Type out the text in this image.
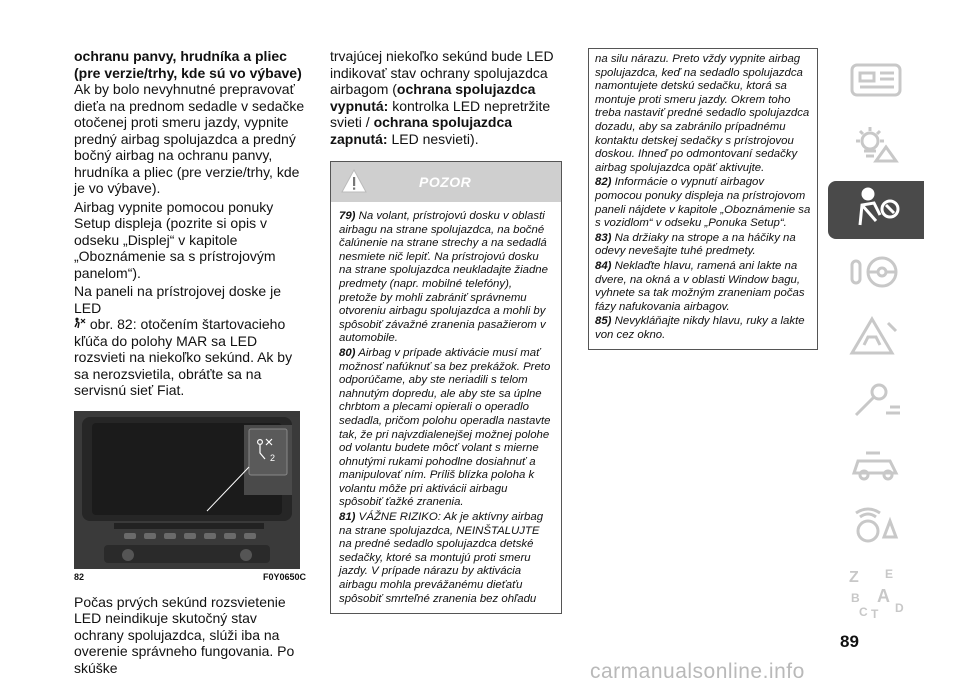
ochranu panvy, hrudníka a pliec

(pre verzie/trhy, kde sú vo výbave)

Ak by bolo nevyhnutné prepravovať dieťa na prednom sedadle v sedačke otočenej proti smeru jazdy, vypnite predný airbag spolujazdca a predný bočný airbag na ochranu panvy, hrudníka a pliec (pre verzie/trhy, kde je vo výbave).

Airbag vypnite pomocou ponuky Setup displeja (pozrite si opis v odseku „Displej“ v kapitole „Oboznámenie sa s prístrojovým panelom“).

Na paneli na prístrojovej doske je LED
obr. 82: otočením štartovacieho kľúča do polohy MAR sa LED rozsvieti na niekoľko sekúnd. Ak by sa nerozsvietila, obráťte sa na servisnú sieť Fiat.

2
82	F0Y0650C

Počas prvých sekúnd rozsvietenie LED neindikuje skutočný stav ochrany spolujazdca, slúži iba na overenie správneho fungovania. Po skúške

trvajúcej niekoľko sekúnd bude LED indikovať stav ochrany spolujazdca airbagom (ochrana spolujazdca vypnutá: kontrolka LED nepretržite svieti / ochrana spolujazdca zapnutá: LED nesvieti).

POZOR

79) Na volant, prístrojovú dosku v oblasti airbagu na strane spolujazdca, na bočné čalúnenie na strane strechy a na sedadlá nesmiete nič lepiť. Na prístrojovú dosku na strane spolujazdca neukladajte žiadne predmety (napr. mobilné telefóny), pretože by mohli zabrániť správnemu otvoreniu airbagu spolujazdca a mohli by spôsobiť závažné zranenia pasažierom v automobile.

80) Airbag v prípade aktivácie musí mať možnosť nafúknuť sa bez prekážok. Preto odporúčame, aby ste neriadili s telom nahnutým dopredu, ale aby ste sa úplne chrbtom a plecami opierali o operadlo sedadla, pričom polohu operadla nastavte tak, že pri najvzdialenejšej možnej polohe od volantu budete môcť volant s mierne ohnutými rukami pohodlne dosiahnuť a manipulovať ním. Príliš blízka poloha k volantu môže pri aktivácii airbagu spôsobiť ťažké zranenia.

81) VÁŽNE RIZIKO: Ak je aktívny airbag na strane spolujazdca, NEINŠTALUJTE na predné sedadlo spolujazdca detské sedačky, ktoré sa montujú proti smeru jazdy. V prípade nárazu by aktivácia airbagu mohla prevážanému dieťaťu spôsobiť smrteľné zranenia bez ohľadu

na silu nárazu. Preto vždy vypnite airbag spolujazdca, keď na sedadlo spolujazdca namontujete detskú sedačku, ktorá sa montuje proti smeru jazdy. Okrem toho treba nastaviť predné sedadlo spolujazdca dozadu, aby sa zabránilo prípadnému kontaktu detskej sedačky s prístrojovou doskou. Ihneď po odmontovaní sedačky airbag spolujazdca opäť aktivujte.

82) Informácie o vypnutí airbagov pomocou ponuky displeja na prístrojovom paneli nájdete v kapitole „Oboznámenie sa s vozidlom“ v odseku „Ponuka Setup“.

83) Na držiaky na strope a na háčiky na odevy nevešajte tuhé predmety.

84) Neklaďte hlavu, ramená ani lakte na dvere, na okná a v oblasti Window bagu, vyhnete sa tak možným zraneniam počas fázy nafukovania airbagov.

85) Nevykláňajte nikdy hlavu, ruky a lakte von cez okno.

Z E
B A
C T D
89
carmanualsonline.info
